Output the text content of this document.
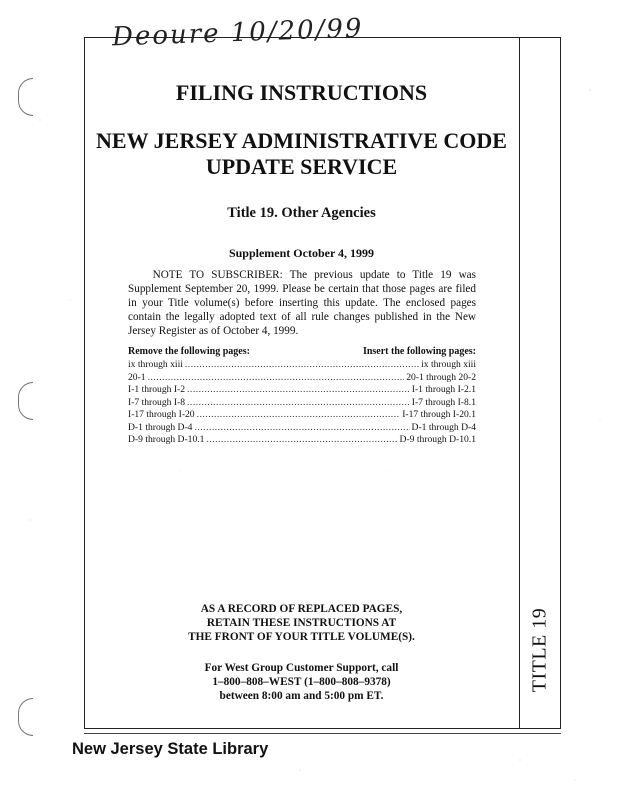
Deoure 10/20/99
TITLE 19
FILING INSTRUCTIONS
NEW JERSEY ADMINISTRATIVE CODE
UPDATE SERVICE
Title 19. Other Agencies
Supplement October 4, 1999
NOTE TO SUBSCRIBER: The previous update to Title 19 was Supplement September 20, 1999. Please be certain that those pages are filed in your Title volume(s) before inserting this update. The enclosed pages contain the legally adopted text of all rule changes published in the New Jersey Register as of October 4, 1999.
Remove the following pages:	Insert the following pages:
ix through xiii .....	ix through xiii
20-1 .....	20-1 through 20-2
I-1 through I-2 .....	I-1 through I-2.1
I-7 through I-8 .....	I-7 through I-8.1
I-17 through I-20 .....	I-17 through I-20.1
D-1 through D-4 .....	D-1 through D-4
D-9 through D-10.1 .....	D-9 through D-10.1
AS A RECORD OF REPLACED PAGES,
RETAIN THESE INSTRUCTIONS AT
THE FRONT OF YOUR TITLE VOLUME(S).
For West Group Customer Support, call
1–800–808–WEST (1–800–808–9378)
between 8:00 am and 5:00 pm ET.
New Jersey State Library
